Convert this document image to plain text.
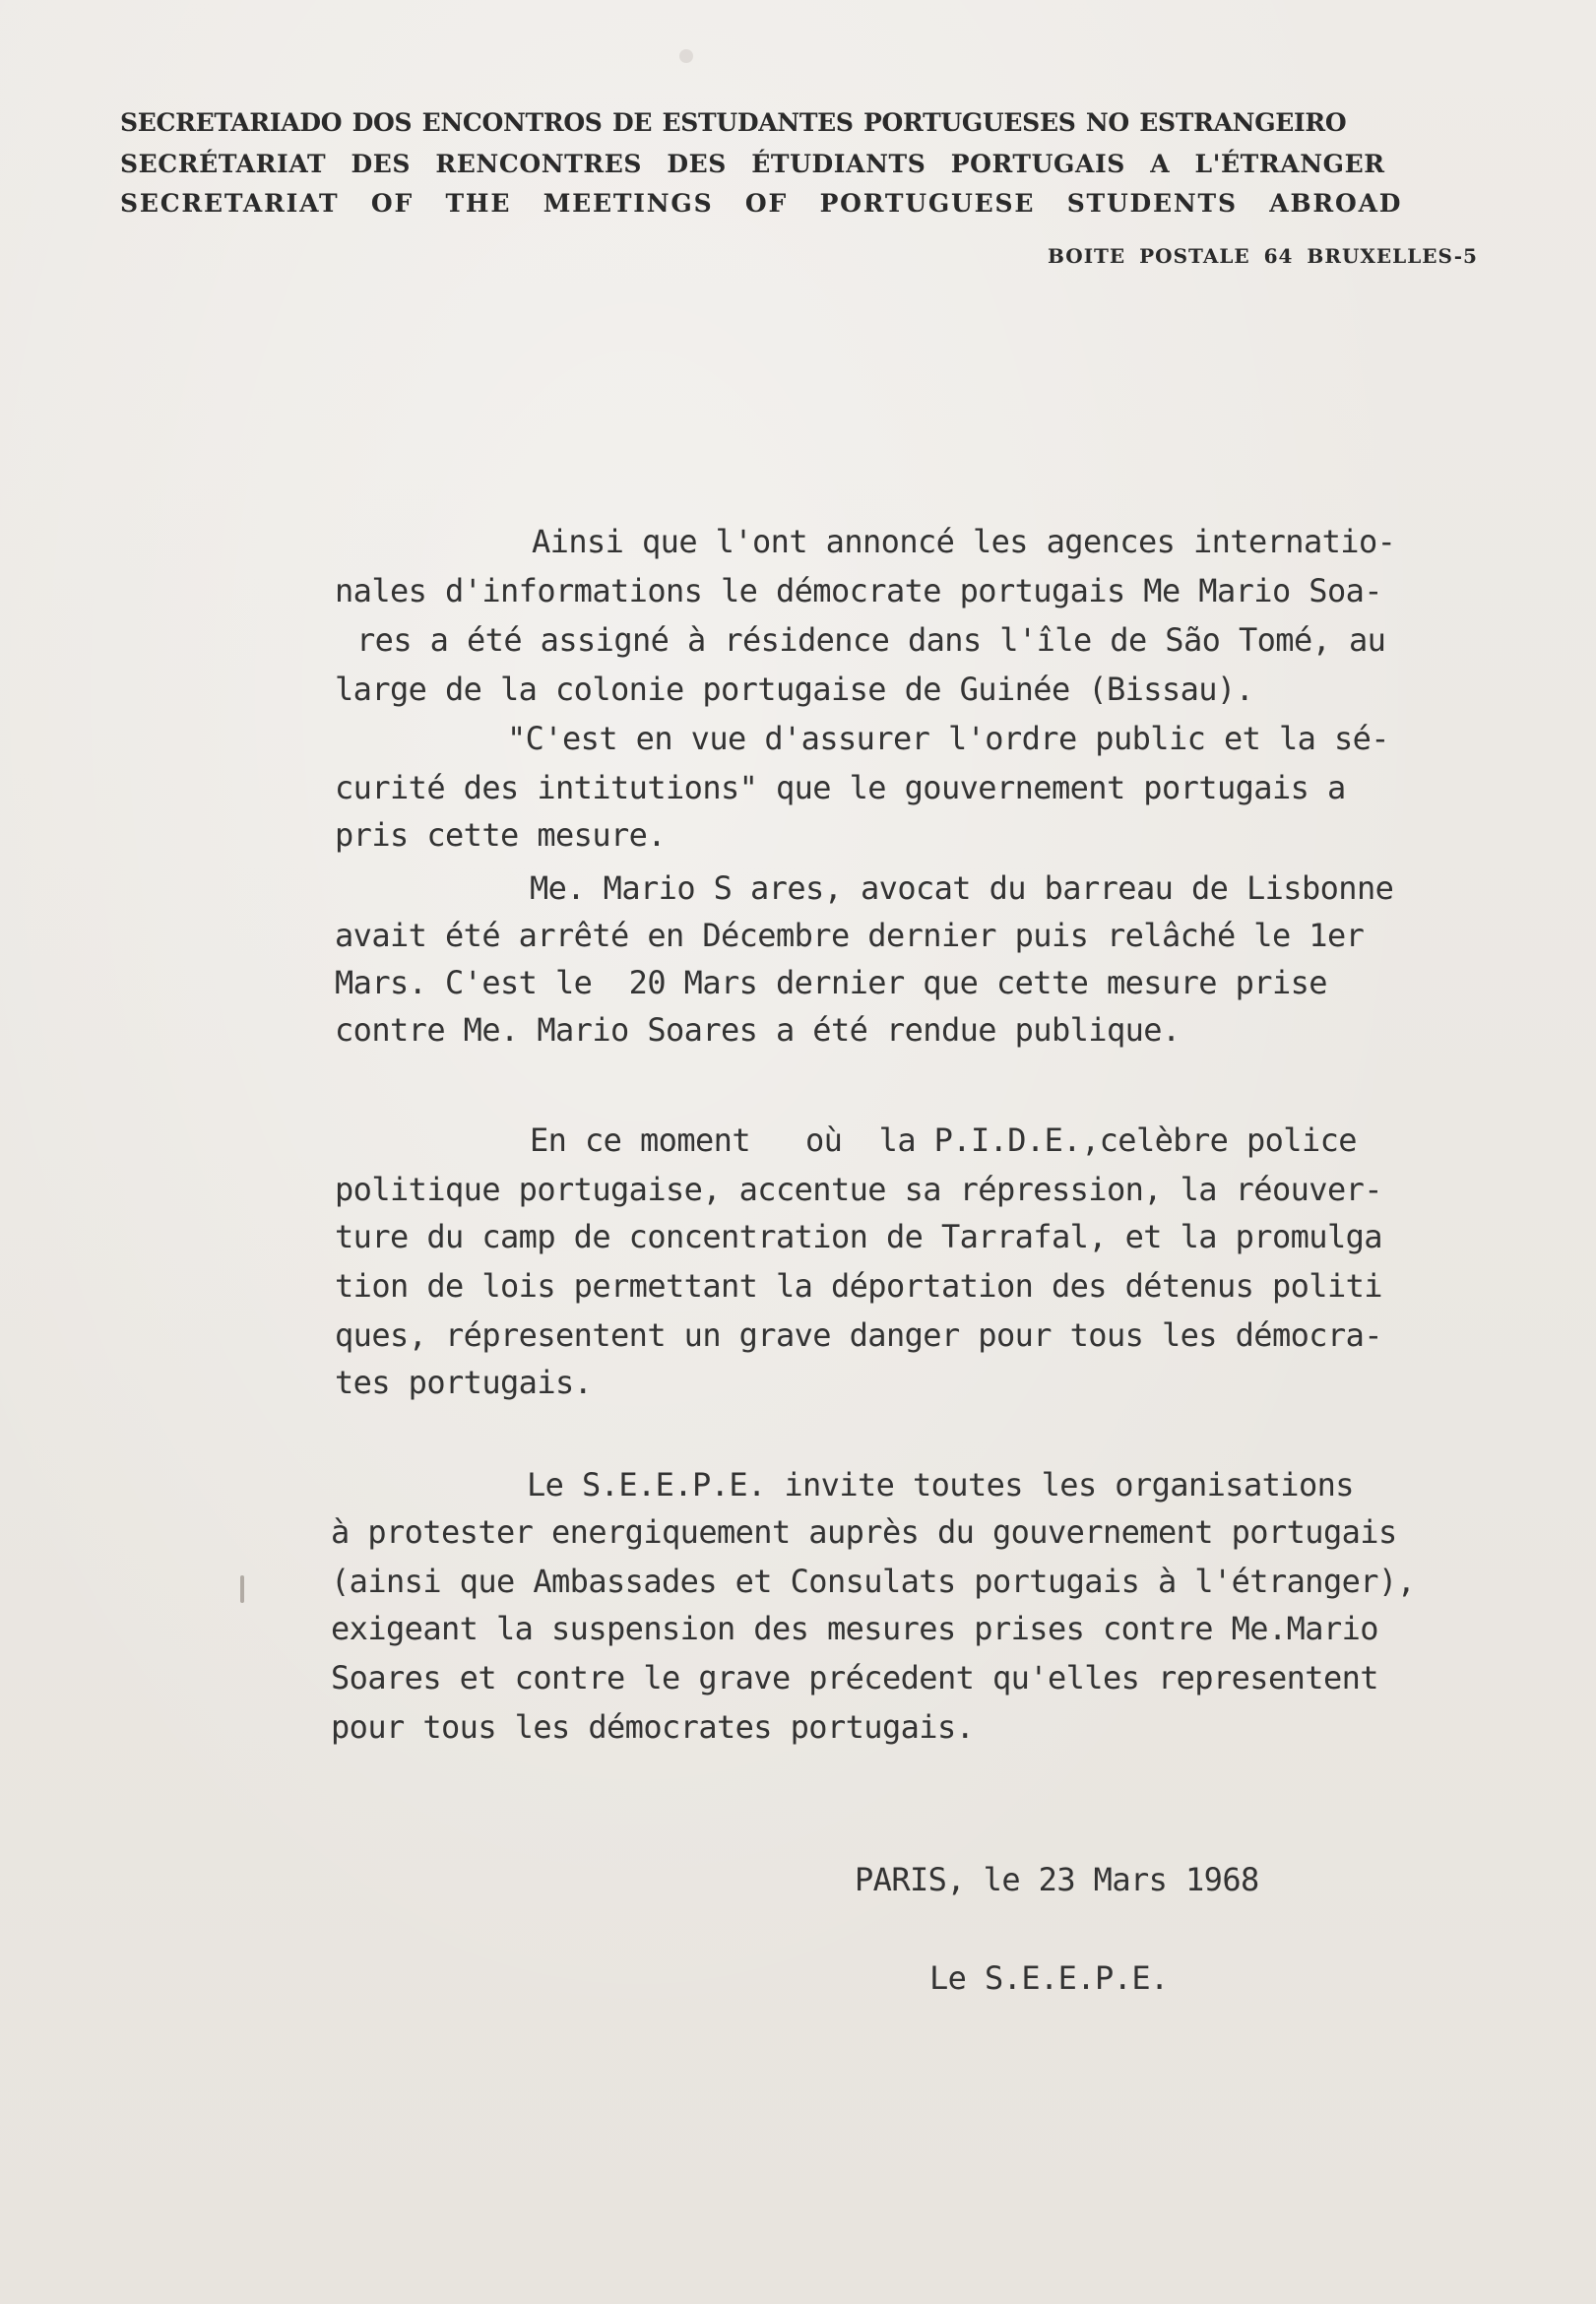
SECRETARIADO DOS ENCONTROS DE ESTUDANTES PORTUGUESES NO ESTRANGEIRO
SECRÉTARIAT DES RENCONTRES DES ÉTUDIANTS PORTUGAIS A L'ÉTRANGER
SECRETARIAT OF THE MEETINGS OF PORTUGUESE STUDENTS ABROAD
BOITE POSTALE 64 BRUXELLES-5
Ainsi que l'ont annoncé les agences internatio-
nales d'informations le démocrate portugais Me Mario Soa-
res a été assigné à résidence dans l'île de São Tomé, au
large de la colonie portugaise de Guinée (Bissau).
"C'est en vue d'assurer l'ordre public et la sé-
curité des intitutions" que le gouvernement portugais a
pris cette mesure.
Me. Mario S ares, avocat du barreau de Lisbonne
avait été arrêté en Décembre dernier puis relâché le 1er
Mars. C'est le  20 Mars dernier que cette mesure prise
contre Me. Mario Soares a été rendue publique.
En ce moment   où  la P.I.D.E.,celèbre police
politique portugaise, accentue sa répression, la réouver-
ture du camp de concentration de Tarrafal, et la promulga
tion de lois permettant la déportation des détenus politi
ques, répresentent un grave danger pour tous les démocra-
tes portugais.
Le S.E.E.P.E. invite toutes les organisations
à protester energiquement auprès du gouvernement portugais
(ainsi que Ambassades et Consulats portugais à l'étranger),
exigeant la suspension des mesures prises contre Me.Mario
Soares et contre le grave précedent qu'elles representent
pour tous les démocrates portugais.
PARIS, le 23 Mars 1968
Le S.E.E.P.E.
